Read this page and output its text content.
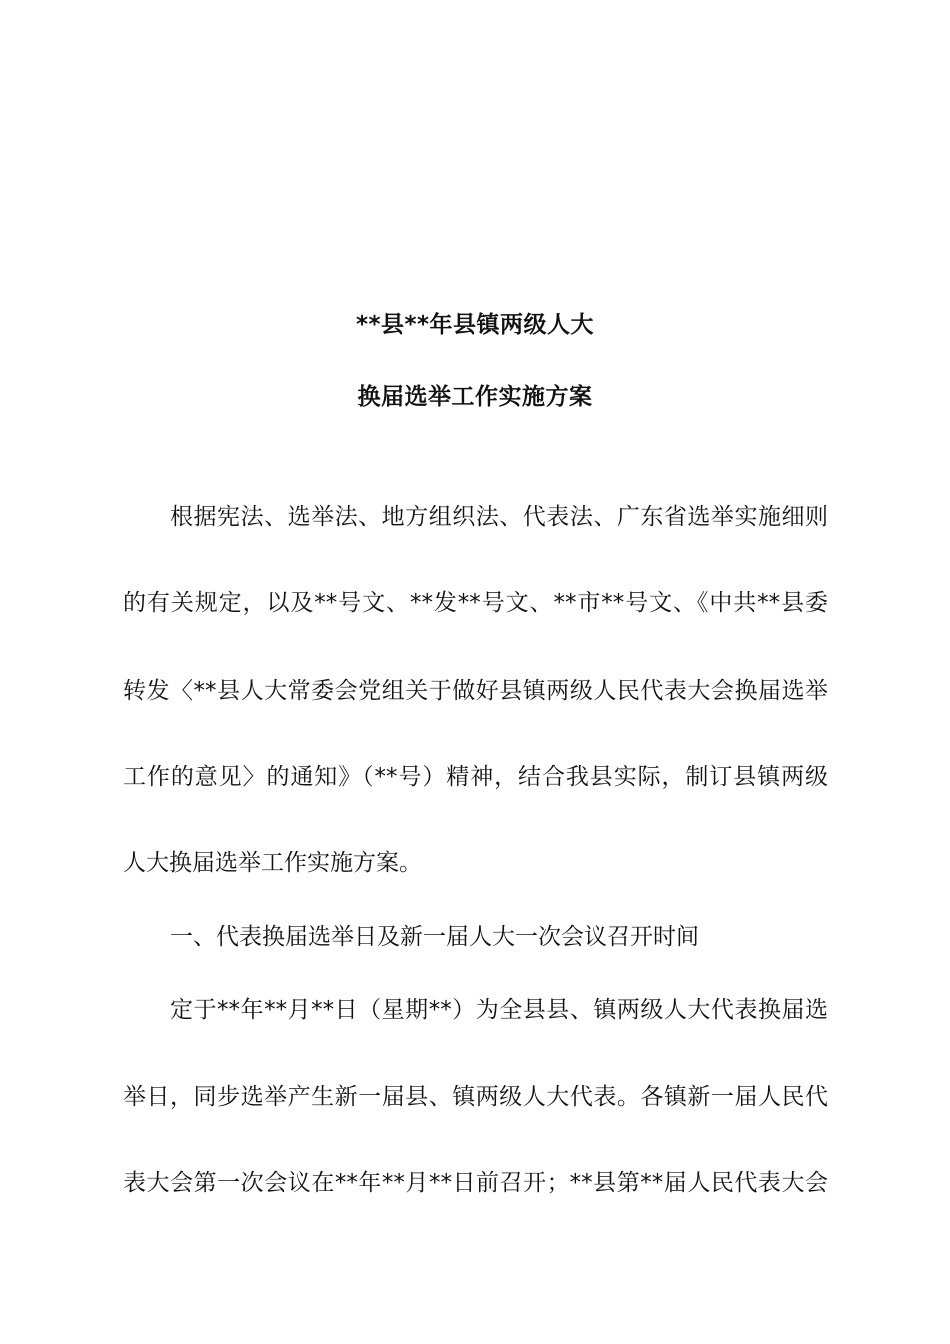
**县**年县镇两级人大
换届选举工作实施方案
根据宪法、选举法、地方组织法、代表法、广东省选举实施细则
的有关规定，以及**号文、**发**号文、**市**号文、《中共**县委
转发〈**县人大常委会党组关于做好县镇两级人民代表大会换届选举
工作的意见〉的通知》（**号）精神，结合我县实际，制订县镇两级
人大换届选举工作实施方案。
一、代表换届选举日及新一届人大一次会议召开时间
定于**年**月**日（星期**）为全县县、镇两级人大代表换届选
举日，同步选举产生新一届县、镇两级人大代表。各镇新一届人民代
表大会第一次会议在**年**月**日前召开；**县第**届人民代表大会
